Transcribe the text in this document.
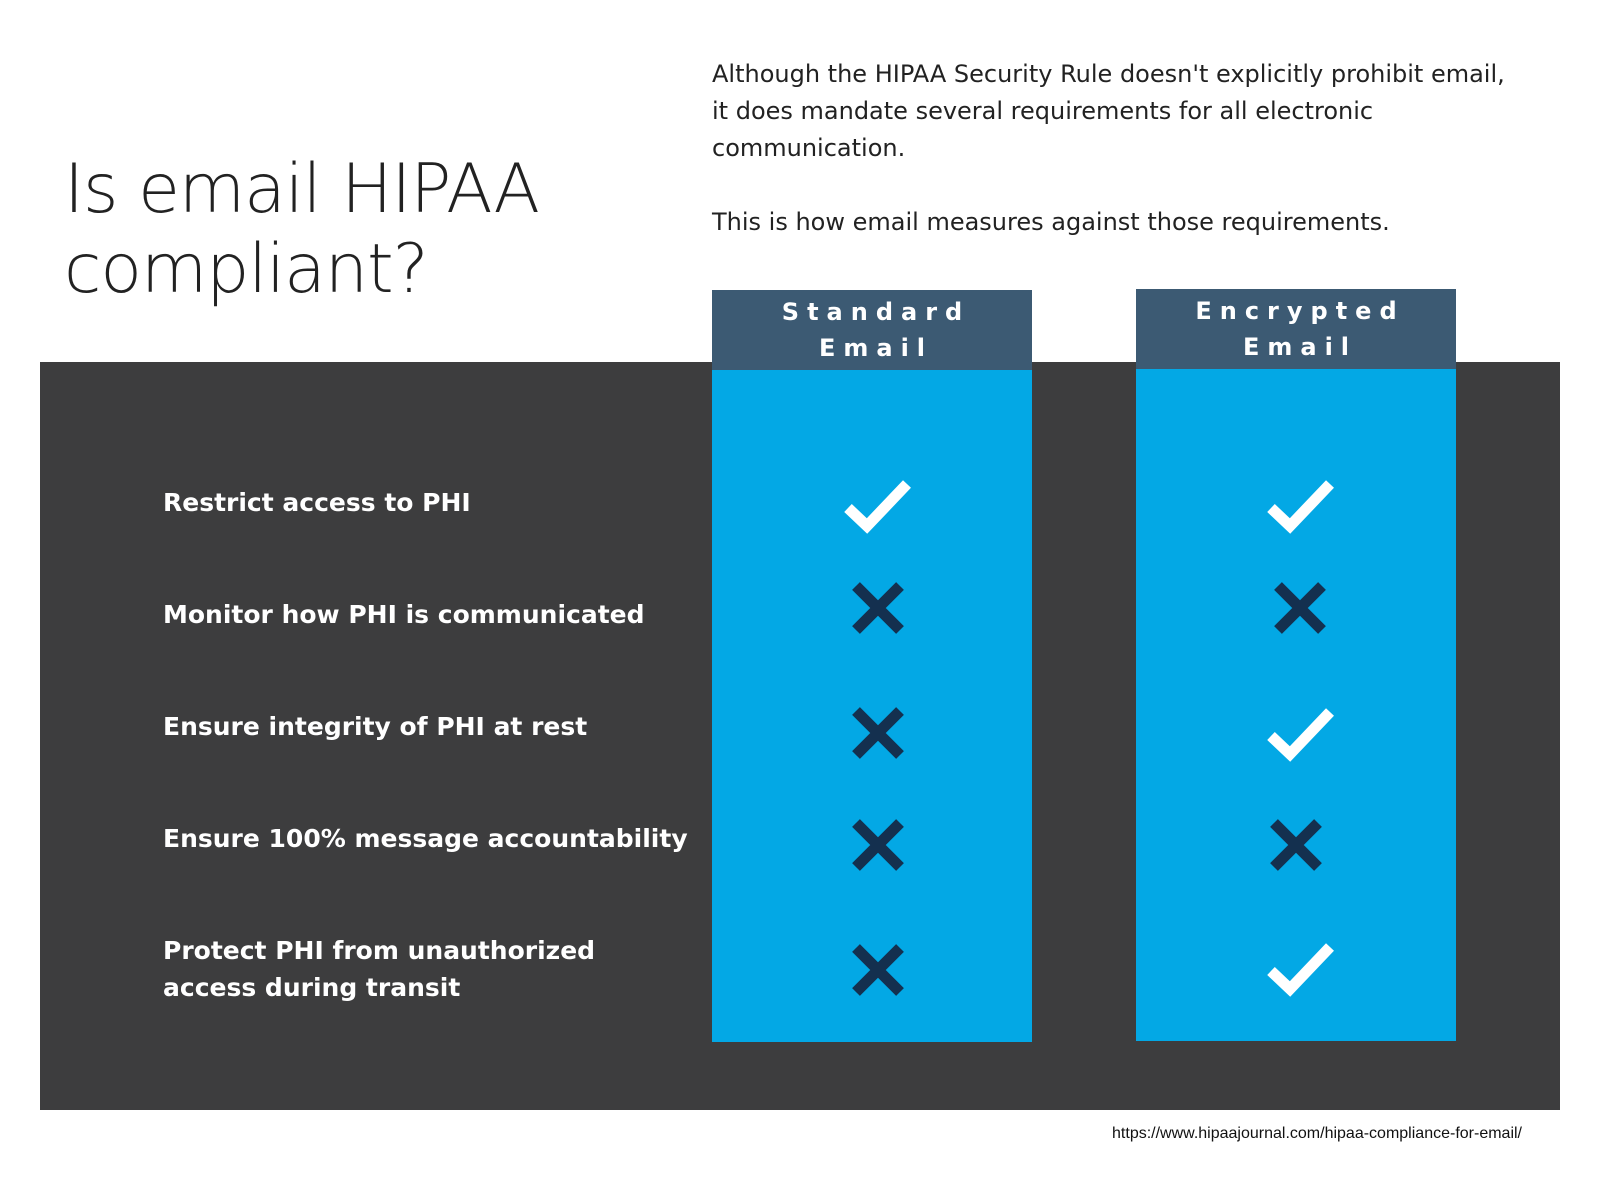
Is email HIPAA
compliant?

Although the HIPAA Security Rule doesn't explicitly prohibit email, it does mandate several requirements for all electronic communication.

This is how email measures against those requirements.

Standard
Email
Encrypted
Email
Restrict access to PHI
Monitor how PHI is communicated
Ensure integrity of PHI at rest
Ensure 100% message accountability
Protect PHI from unauthorized access during transit
https://www.hipaajournal.com/hipaa-compliance-for-email/
